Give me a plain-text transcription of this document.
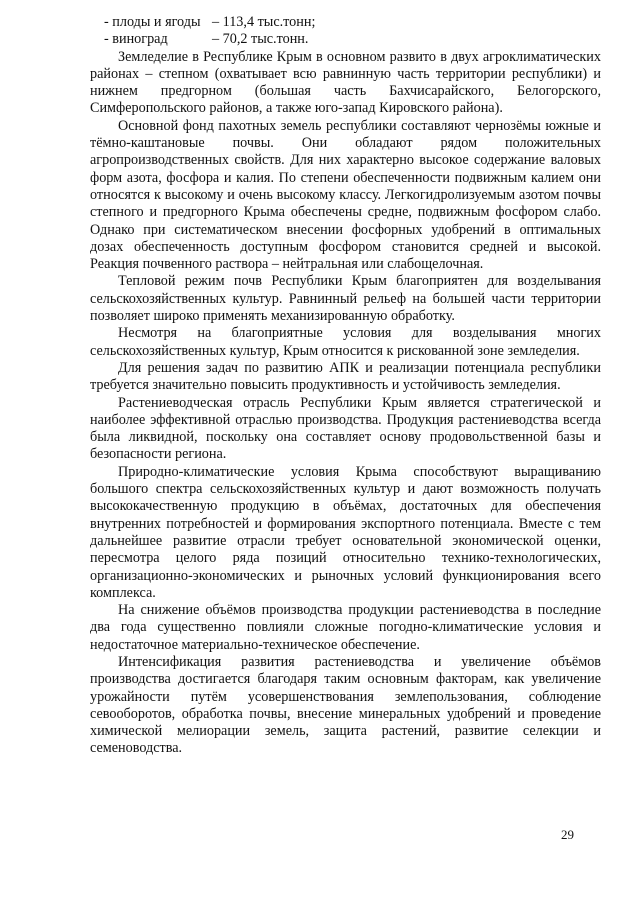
- плоды и ягоды – 113,4 тыс.тонн;
- виноград	– 70,2 тыс.тонн.

Земледелие в Республике Крым в основном развито в двух агроклиматических районах – степном (охватывает всю равнинную часть территории республики) и нижнем предгорном (большая часть Бахчисарайского, Белогорского, Симферопольского районов, а также юго-запад Кировского района).

Основной фонд пахотных земель республики составляют чернозёмы южные и тёмно-каштановые почвы. Они обладают рядом положительных агропроизводственных свойств. Для них характерно высокое содержание валовых форм азота, фосфора и калия. По степени обеспеченности подвижным калием они относятся к высокому и очень высокому классу. Легкогидролизуемым азотом почвы степного и предгорного Крыма обеспечены средне, подвижным фосфором слабо. Однако при систематическом внесении фосфорных удобрений в оптимальных дозах обеспеченность доступным фосфором становится средней и высокой. Реакция почвенного раствора – нейтральная или слабощелочная.

Тепловой режим почв Республики Крым благоприятен для возделывания сельскохозяйственных культур. Равнинный рельеф на большей части территории позволяет широко применять механизированную обработку.

Несмотря на благоприятные условия для возделывания многих сельскохозяйственных культур, Крым относится к рискованной зоне земледелия.

Для решения задач по развитию АПК и реализации потенциала республики требуется значительно повысить продуктивность и устойчивость земледелия.

Растениеводческая отрасль Республики Крым является стратегической и наиболее эффективной отраслью производства. Продукция растениеводства всегда была ликвидной, поскольку она составляет основу продовольственной базы и безопасности региона.

Природно-климатические условия Крыма способствуют выращиванию большого спектра сельскохозяйственных культур и дают возможность получать высококачественную продукцию в объёмах, достаточных для обеспечения внутренних потребностей и формирования экспортного потенциала. Вместе с тем дальнейшее развитие отрасли требует основательной экономической оценки, пересмотра целого ряда позиций относительно технико-технологических, организационно-экономических и рыночных условий функционирования всего комплекса.

На снижение объёмов производства продукции растениеводства в последние два года существенно повлияли сложные погодно-климатические условия и недостаточное материально-техническое обеспечение.

Интенсификация развития растениеводства и увеличение объёмов производства достигается благодаря таким основным факторам, как увеличение урожайности путём усовершенствования землепользования, соблюдение севооборотов, обработка почвы, внесение минеральных удобрений и проведение химической мелиорации земель, защита растений, развитие селекции и семеноводства.

29
